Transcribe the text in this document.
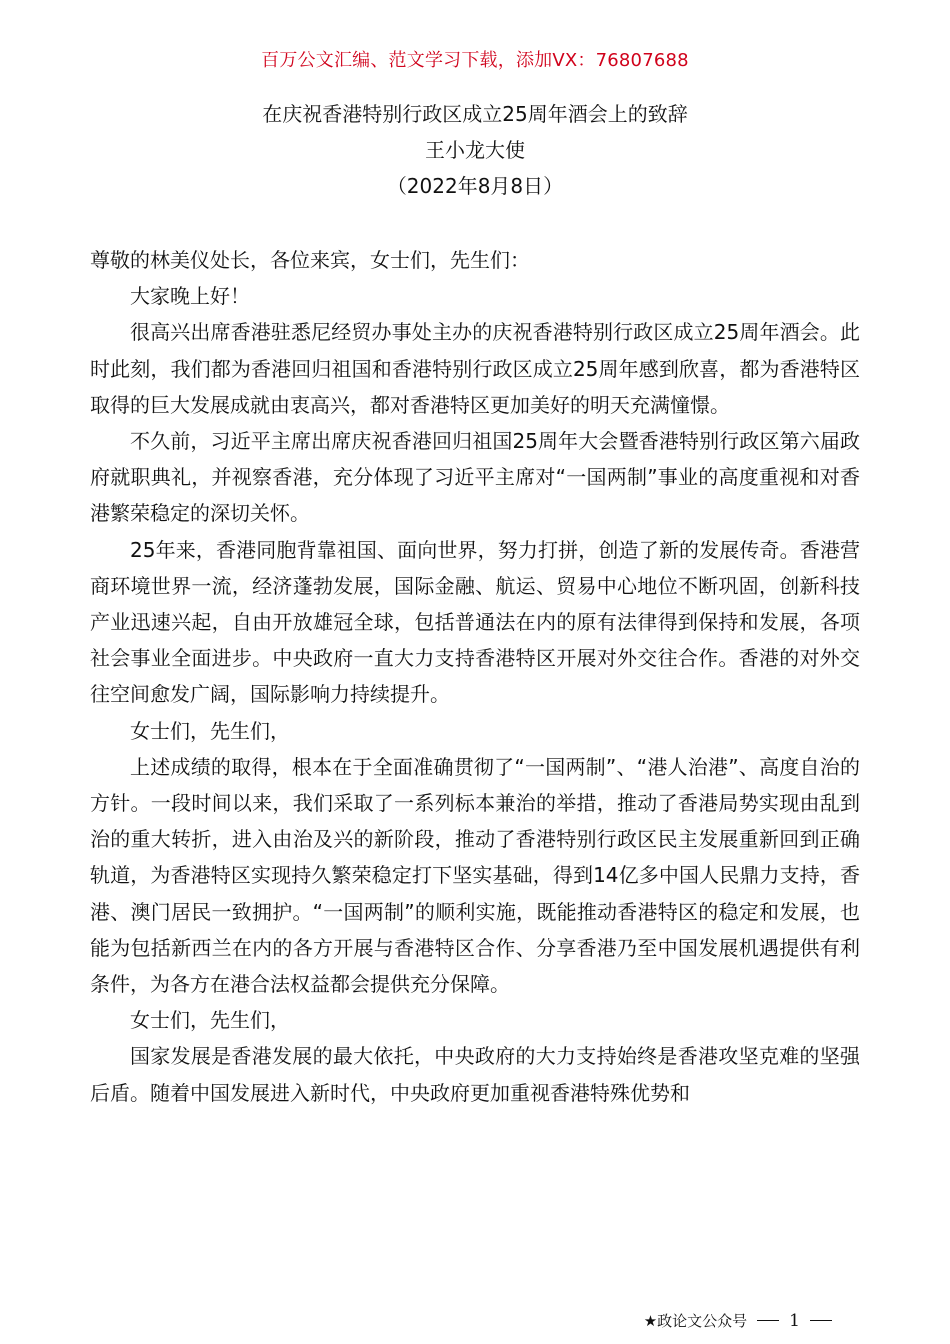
百万公文汇编、范文学习下载，添加VX：76807688
在庆祝香港特别行政区成立25周年酒会上的致辞
王小龙大使
（2022年8月8日）

尊敬的林美仪处长，各位来宾，女士们，先生们：

大家晚上好！

很高兴出席香港驻悉尼经贸办事处主办的庆祝香港特别行政区成立25周年酒会。此时此刻，我们都为香港回归祖国和香港特别行政区成立25周年感到欣喜，都为香港特区取得的巨大发展成就由衷高兴，都对香港特区更加美好的明天充满憧憬。

不久前，习近平主席出席庆祝香港回归祖国25周年大会暨香港特别行政区第六届政府就职典礼，并视察香港，充分体现了习近平主席对“一国两制”事业的高度重视和对香港繁荣稳定的深切关怀。

25年来，香港同胞背靠祖国、面向世界，努力打拼，创造了新的发展传奇。香港营商环境世界一流，经济蓬勃发展，国际金融、航运、贸易中心地位不断巩固，创新科技产业迅速兴起，自由开放雄冠全球，包括普通法在内的原有法律得到保持和发展，各项社会事业全面进步。中央政府一直大力支持香港特区开展对外交往合作。香港的对外交往空间愈发广阔，国际影响力持续提升。

女士们，先生们，

上述成绩的取得，根本在于全面准确贯彻了“一国两制”、“港人治港”、高度自治的方针。一段时间以来，我们采取了一系列标本兼治的举措，推动了香港局势实现由乱到治的重大转折，进入由治及兴的新阶段，推动了香港特别行政区民主发展重新回到正确轨道，为香港特区实现持久繁荣稳定打下坚实基础，得到14亿多中国人民鼎力支持，香港、澳门居民一致拥护。“一国两制”的顺利实施，既能推动香港特区的稳定和发展，也能为包括新西兰在内的各方开展与香港特区合作、分享香港乃至中国发展机遇提供有利条件，为各方在港合法权益都会提供充分保障。

女士们，先生们，

国家发展是香港发展的最大依托，中央政府的大力支持始终是香港攻坚克难的坚强后盾。随着中国发展进入新时代，中央政府更加重视香港特殊优势和

★政论文公众号 1
